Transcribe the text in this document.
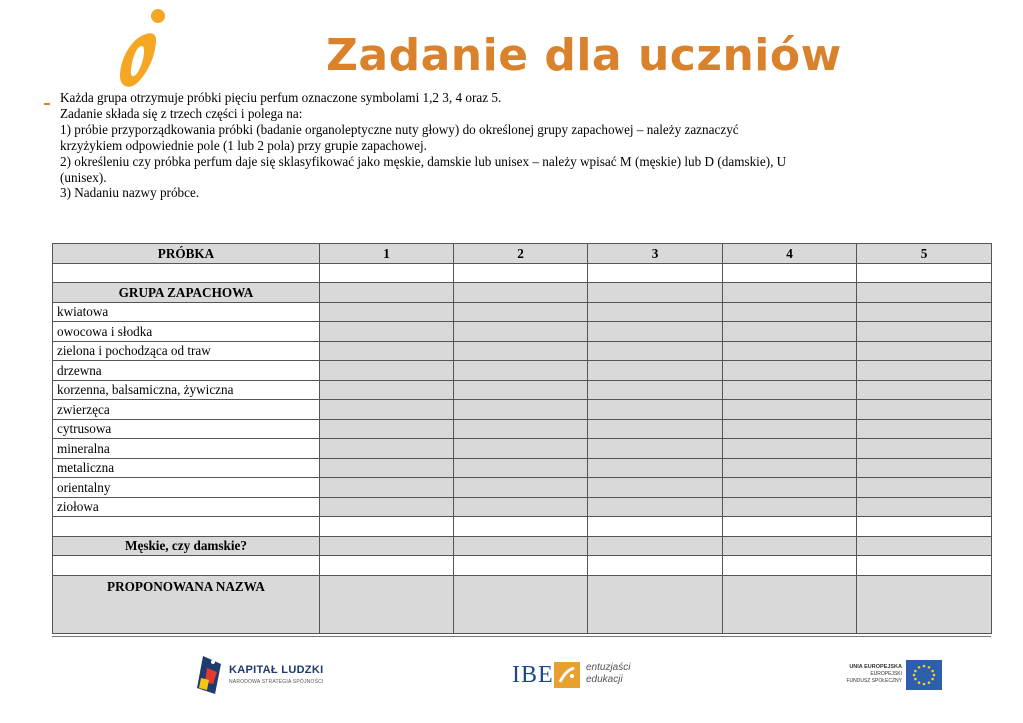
Zadanie dla uczniów

Każda grupa otrzymuje próbki pięciu perfum oznaczone symbolami 1,2 3, 4 oraz 5.

Zadanie składa się z trzech części i polega na:

1) próbie przyporządkowania próbki (badanie organoleptyczne nuty głowy) do określonej grupy zapachowej – należy zaznaczyć

krzyżykiem odpowiednie pole (1 lub 2 pola) przy grupie zapachowej.

2) określeniu czy próbka perfum daje się sklasyfikować jako męskie, damskie lub unisex – należy wpisać M (męskie) lub D (damskie), U

(unisex).

3) Nadaniu nazwy próbce.

PRÓBKA	1	2	3	4	5

GRUPA ZAPACHOWA					
kwiatowa					
owocowa i słodka					
zielona i pochodząca od traw					
drzewna					
korzenna, balsamiczna, żywiczna					
zwierzęca					
cytrusowa					
mineralna					
metaliczna					
orientalny					
ziołowa					

Męskie, czy damskie?					

PROPONOWANA NAZWA					
KAPITAŁ LUDZKI
NARODOWA STRATEGIA SPÓJNOŚCI	IBE	entuzjaści
edukacji
UNIA EUROPEJSKA
EUROPEJSKI
FUNDUSZ SPOŁECZNY
